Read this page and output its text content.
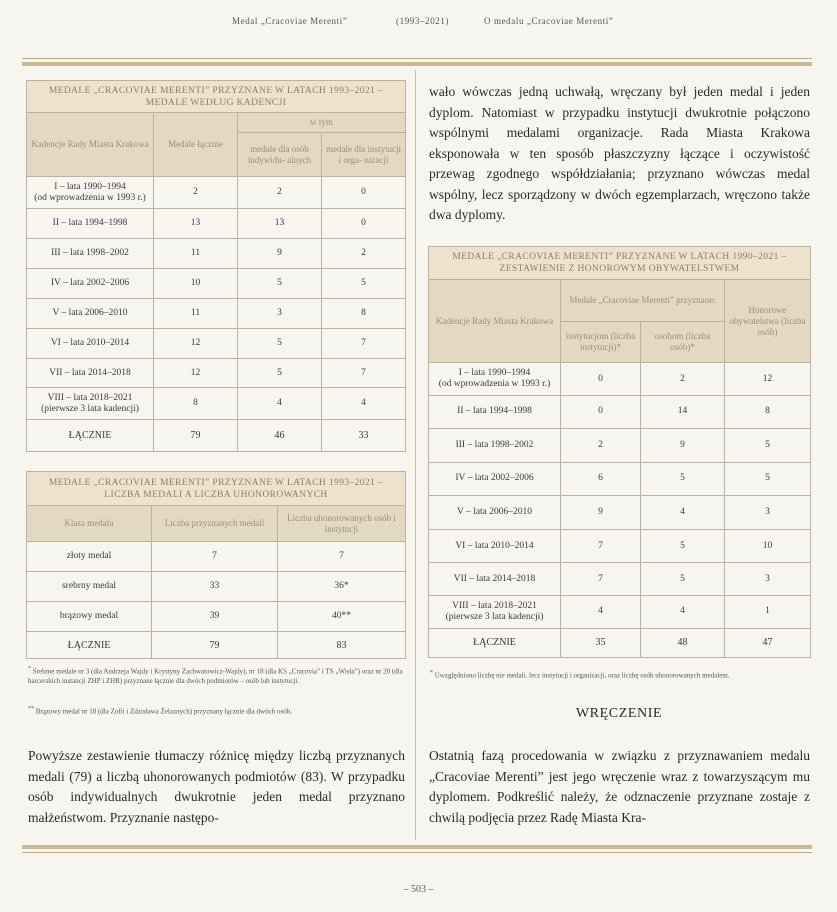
Medal „Cracoviae Merenti”	(1993–2021)	O medalu „Cracoviae Merenti”
MEDALE „CRACOVIAE MERENTI” PRZYZNANE W LATACH 1993–2021 – MEDALE WEDŁUG KADENCJI			
Kadencje Rady Miasta Krakowa	Medale łącznie	w tym	
		medale dla osób indywidu- alnych	medale dla instytucji i orga- nizacji
I – lata 1990–1994
(od wprowadzenia w 1993 r.)	2	2	0
II – lata 1994–1998	13	13	0
III – lata 1998–2002	11	9	2
IV – lata 2002–2006	10	5	5
V – lata 2006–2010	11	3	8
VI – lata 2010–2014	12	5	7
VII – lata 2014–2018	12	5	7
VIII – lata 2018–2021
(pierwsze 3 lata kadencji)	8	4	4
ŁĄCZNIE	79	46	33
MEDALE „CRACOVIAE MERENTI” PRZYZNANE W LATACH 1993–2021 – LICZBA MEDALI A LICZBA UHONOROWANYCH		
Klasa medalu	Liczba przyznanych medali	Liczba uhonorowanych osób i instytucji
złoty medal	7	7
srebrny medal	33	36*
brązowy medal	39	40**
ŁĄCZNIE	79	83
* Srebrne medale nr 3 (dla Andrzeja Wajdy i Krystyny Zachwatowicz-Wajdy), nr 18 (dla KS „Cracovia” i TS „Wisła”) oraz nr 20 (dla harcerskich instancji ZHP i ZHR) przyznane łącznie dla dwóch podmiotów – osób lub instytucji.
** Brązowy medal nr 18 (dla Zofii i Zdzisława Żelaznych) przyznany łącznie dla dwóch osób.
Powyższe zestawienie tłumaczy różnicę między liczbą przyznanych medali (79) a liczbą uhonorowanych podmiotów (83). W przypadku osób indywidualnych dwukrotnie jeden medal przyznano małżeństwom. Przyznanie następo-
wało wówczas jedną uchwałą, wręczany był jeden medal i jeden dyplom. Natomiast w przypadku instytucji dwukrotnie połączono wspólnymi medalami organizacje. Rada Miasta Krakowa eksponowała w ten sposób płaszczyzny łączące i oczywistość przewag zgodnego współdziałania; przyznano wówczas medal wspólny, lecz sporządzony w dwóch egzemplarzach, wręczono także dwa dyplomy.
MEDALE „CRACOVIAE MERENTI” PRZYZNANE W LATACH 1990–2021 – ZESTAWIENIE Z HONOROWYM OBYWATELSTWEM			
Kadencje Rady Miasta Krakowa	Medale „Cracoviae Merenti” przyznane:		Honorowe obywatelstwa (liczba osób)
	instytucjom (liczba instytucji)*	osobom (liczba osób)*	
I – lata 1990–1994
(od wprowadzenia w 1993 r.)	0	2	12
II – lata 1994–1998	0	14	8
III – lata 1998–2002	2	9	5
IV – lata 2002–2006	6	5	5
V – lata 2006–2010	9	4	3
VI – lata 2010–2014	7	5	10
VII – lata 2014–2018	7	5	3
VIII – lata 2018–2021
(pierwsze 3 lata kadencji)	4	4	1
ŁĄCZNIE	35	48	47
* Uwzględniono liczbę nie medali, lecz instytucji i organizacji, oraz liczbę osób uhonorowanych medalem.
WRĘCZENIE
Ostatnią fazą procedowania w związku z przyznawaniem medalu „Cracoviae Merenti” jest jego wręczenie wraz z towarzyszącym mu dyplomem. Podkreślić należy, że odznaczenie przyznane zostaje z chwilą podjęcia przez Radę Miasta Kra-
– 503 –
